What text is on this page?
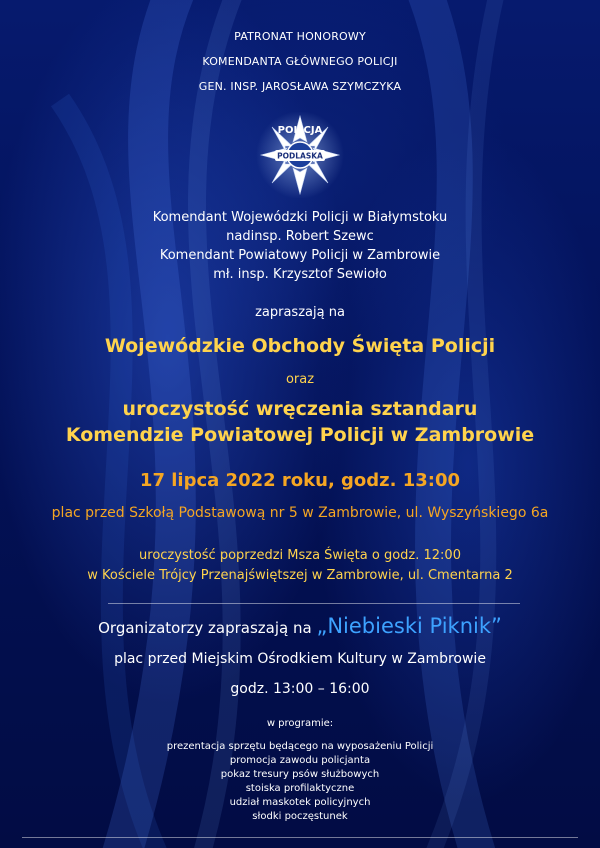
PATRONAT HONOROWY
KOMENDANTA GŁÓWNEGO POLICJI
GEN. INSP. JAROSŁAWA SZYMCZYKA
POLICJA
PODLASKA
Komendant Wojewódzki Policji w Białymstoku
nadinsp. Robert Szewc
Komendant Powiatowy Policji w Zambrowie
mł. insp. Krzysztof Sewioło
zapraszają na
Wojewódzkie Obchody Święta Policji
oraz
uroczystość wręczenia sztandaru
Komendzie Powiatowej Policji w Zambrowie
17 lipca 2022 roku, godz. 13:00
plac przed Szkołą Podstawową nr 5 w Zambrowie, ul. Wyszyńskiego 6a
uroczystość poprzedzi Msza Święta o godz. 12:00
w Kościele Trójcy Przenajświętszej w Zambrowie, ul. Cmentarna 2
Organizatorzy zapraszają na „Niebieski Piknik”
plac przed Miejskim Ośrodkiem Kultury w Zambrowie
godz. 13:00 – 16:00
w programie:
prezentacja sprzętu będącego na wyposażeniu Policji
promocja zawodu policjanta
pokaz tresury psów służbowych
stoiska profilaktyczne
udział maskotek policyjnych
słodki poczęstunek
